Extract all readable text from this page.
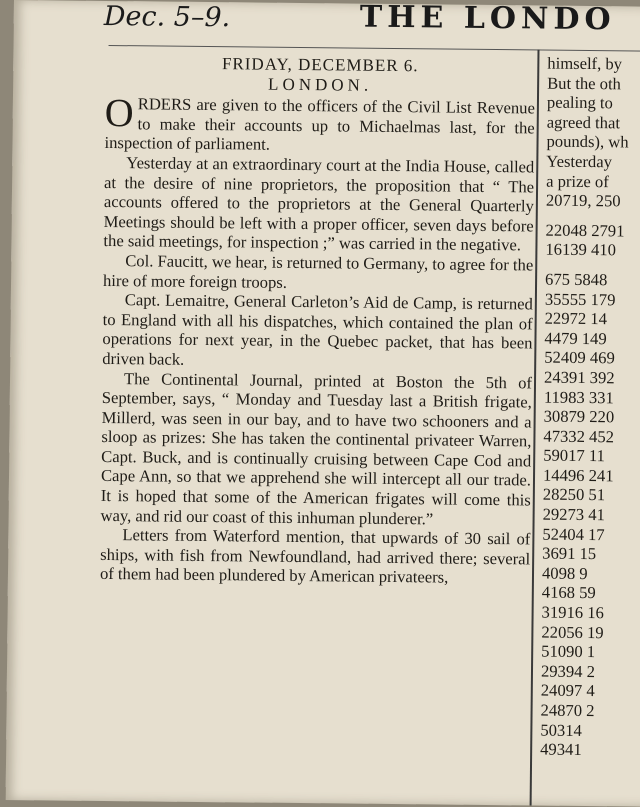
Dec. 5–9.	THE LONDO
FRIDAY, DECEMBER 6.
LONDON.

O RDERS are given to the officers of the Civil List Revenue to make their accounts up to Michaelmas last, for the inspection of parliament.

Yesterday at an extraordinary court at the India House, called at the desire of nine proprietors, the proposition that “ The accounts offered to the proprietors at the General Quarterly Meetings should be left with a proper officer, seven days before the said meetings, for inspection ;” was carried in the negative.

Col. Faucitt, we hear, is returned to Germany, to agree for the hire of more foreign troops.

Capt. Lemaitre, General Carleton’s Aid de Camp, is returned to England with all his dispatches, which contained the plan of operations for next year, in the Quebec packet, that has been driven back.

The Continental Journal, printed at Boston the 5th of September, says, “ Monday and Tuesday last a British frigate, Millerd, was seen in our bay, and to have two schooners and a sloop as prizes: She has taken the continental privateer Warren, Capt. Buck, and is continually cruising between Cape Cod and Cape Ann, so that we apprehend she will intercept all our trade. It is hoped that some of the American frigates will come this way, and rid our coast of this inhuman plunderer.”

Letters from Waterford mention, that upwards of 30 sail of ships, with fish from Newfoundland, had arrived there; several of them had been plundered by American privateers,

himself, by
But the oth
pealing to
agreed that
pounds), wh
Yesterday
a prize of
20719, 250
22048 2791
16139 410
675 5848
35555 179
22972 14
4479 149
52409 469
24391 392
11983 331
30879 220
47332 452
59017 11
14496 241
28250 51
29273 41
52404 17
3691 15
4098 9
4168 59
31916 16
22056 19
51090 1
29394 2
24097 4
24870 2
50314
49341
